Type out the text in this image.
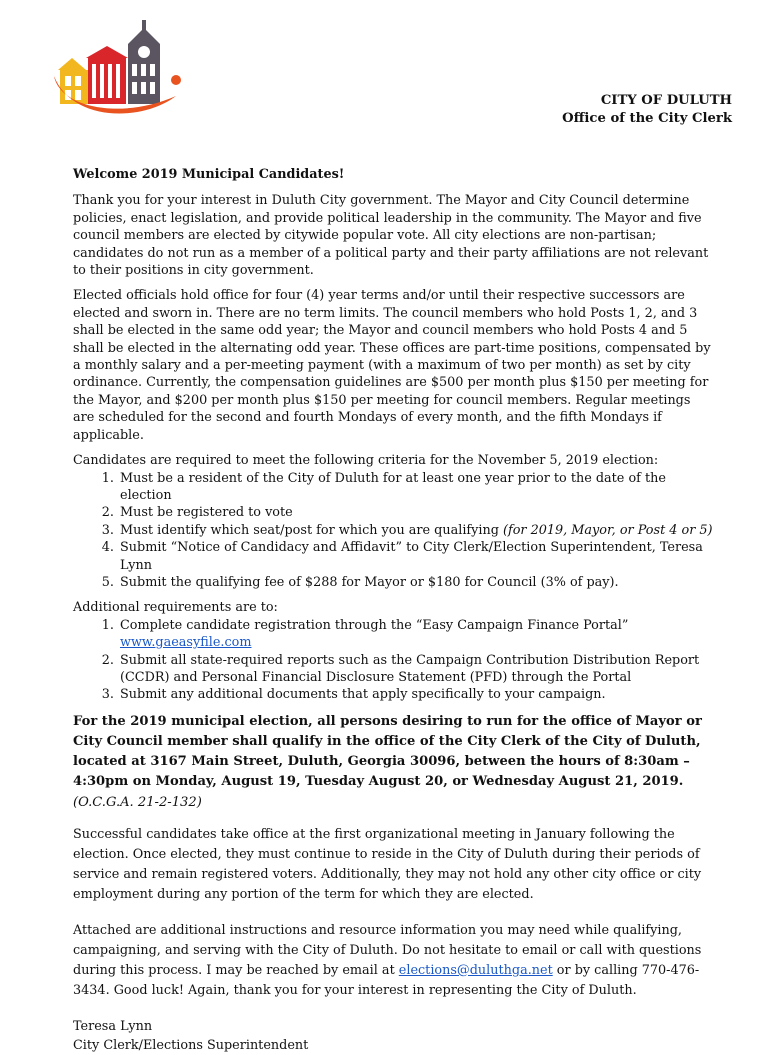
CITY OF DULUTH
Office of the City Clerk

Welcome 2019 Municipal Candidates!

Thank you for your interest in Duluth City government. The Mayor and City Council determine policies, enact legislation, and provide political leadership in the community. The Mayor and five council members are elected by citywide popular vote. All city elections are non-partisan; candidates do not run as a member of a political party and their party affiliations are not relevant to their positions in city government.

Elected officials hold office for four (4) year terms and/or until their respective successors are elected and sworn in. There are no term limits. The council members who hold Posts 1, 2, and 3 shall be elected in the same odd year; the Mayor and council members who hold Posts 4 and 5 shall be elected in the alternating odd year. These offices are part-time positions, compensated by a monthly salary and a per-meeting payment (with a maximum of two per month) as set by city ordinance. Currently, the compensation guidelines are $500 per month plus $150 per meeting for the Mayor, and $200 per month plus $150 per meeting for council members. Regular meetings are scheduled for the second and fourth Mondays of every month, and the fifth Mondays if applicable.

Candidates are required to meet the following criteria for the November 5, 2019 election:

1. Must be a resident of the City of Duluth for at least one year prior to the date of the election
2. Must be registered to vote
3. Must identify which seat/post for which you are qualifying (for 2019, Mayor, or Post 4 or 5)
4. Submit “Notice of Candidacy and Affidavit” to City Clerk/Election Superintendent, Teresa Lynn
5. Submit the qualifying fee of $288 for Mayor or $180 for Council (3% of pay).

Additional requirements are to:

1. Complete candidate registration through the “Easy Campaign Finance Portal”
www.gaeasyfile.com
2. Submit all state-required reports such as the Campaign Contribution Distribution Report (CCDR) and Personal Financial Disclosure Statement (PFD) through the Portal
3. Submit any additional documents that apply specifically to your campaign.

For the 2019 municipal election, all persons desiring to run for the office of Mayor or City Council member shall qualify in the office of the City Clerk of the City of Duluth, located at 3167 Main Street, Duluth, Georgia 30096, between the hours of 8:30am – 4:30pm on Monday, August 19, Tuesday August 20, or Wednesday August 21, 2019. (O.C.G.A. 21-2-132)

Successful candidates take office at the first organizational meeting in January following the election. Once elected, they must continue to reside in the City of Duluth during their periods of service and remain registered voters. Additionally, they may not hold any other city office or city employment during any portion of the term for which they are elected.

Attached are additional instructions and resource information you may need while qualifying, campaigning, and serving with the City of Duluth. Do not hesitate to email or call with questions during this process. I may be reached by email at elections@duluthga.net or by calling 770-476-3434. Good luck! Again, thank you for your interest in representing the City of Duluth.

Teresa Lynn
City Clerk/Elections Superintendent
